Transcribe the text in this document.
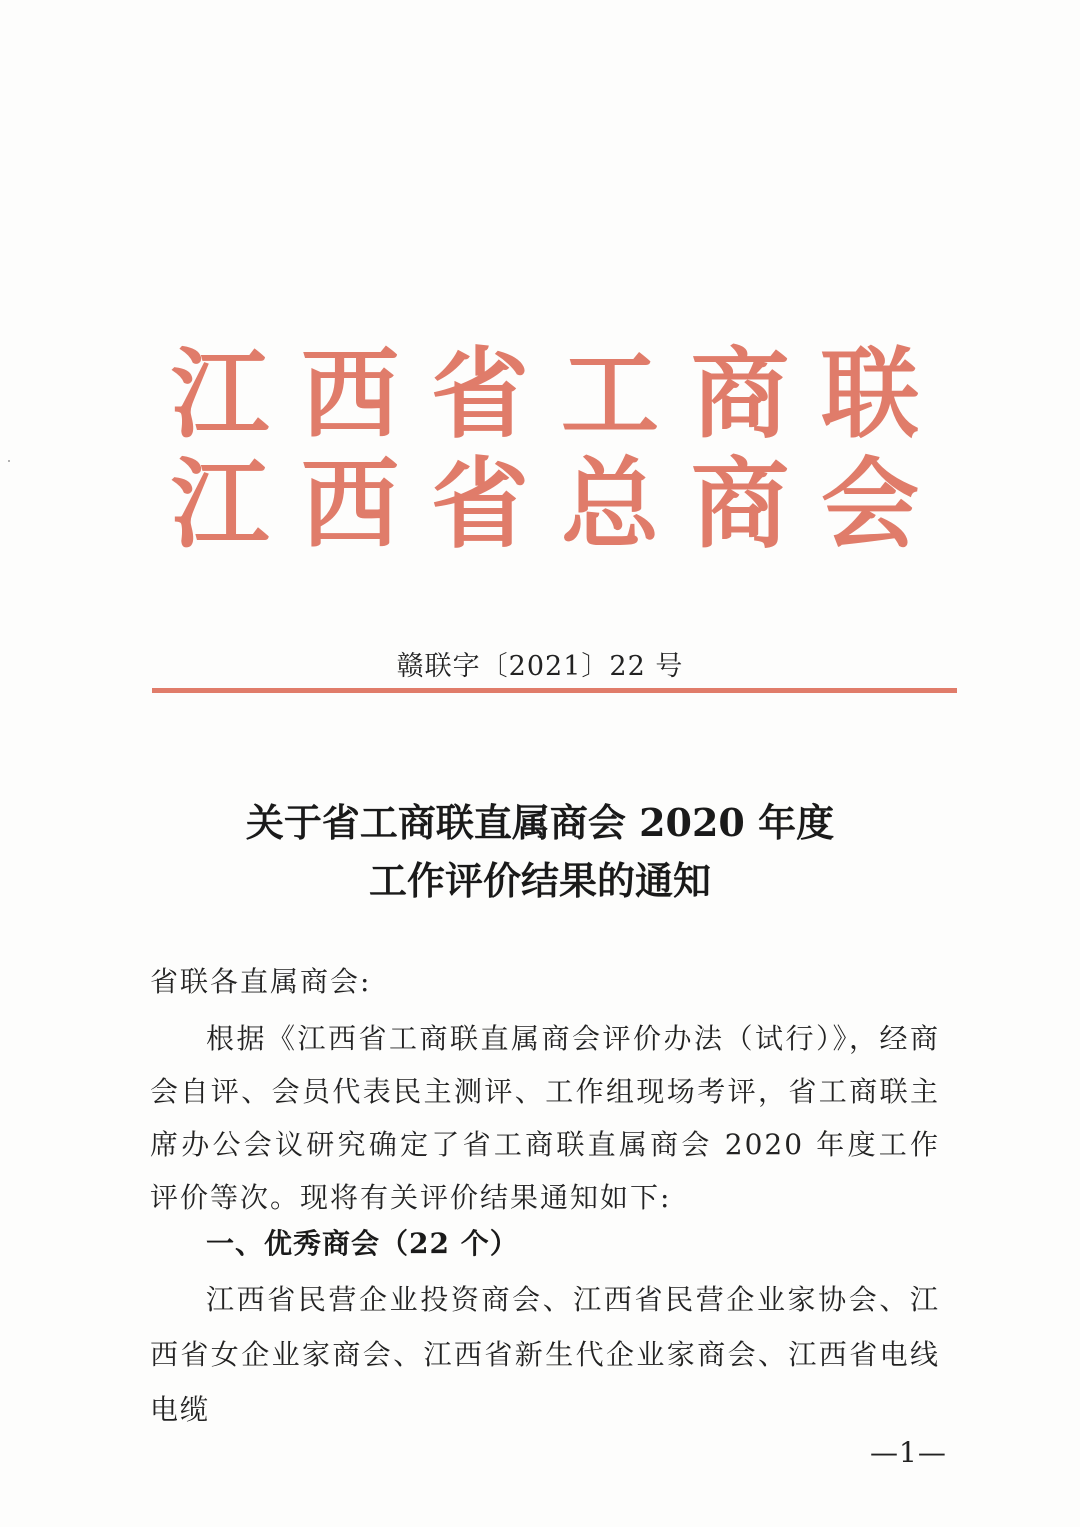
江 西 省 工 商 联
江 西 省 总 商 会
赣联字〔2021〕22 号
关于省工商联直属商会 2020 年度
工作评价结果的通知
省联各直属商会:
根据《江西省工商联直属商会评价办法（试行）》，经商会自评、会员代表民主测评、工作组现场考评，省工商联主席办公会议研究确定了省工商联直属商会 2020 年度工作评价等次。现将有关评价结果通知如下:
一、优秀商会（22 个）
江西省民营企业投资商会、江西省民营企业家协会、江西省女企业家商会、江西省新生代企业家商会、江西省电线电缆
—1—
